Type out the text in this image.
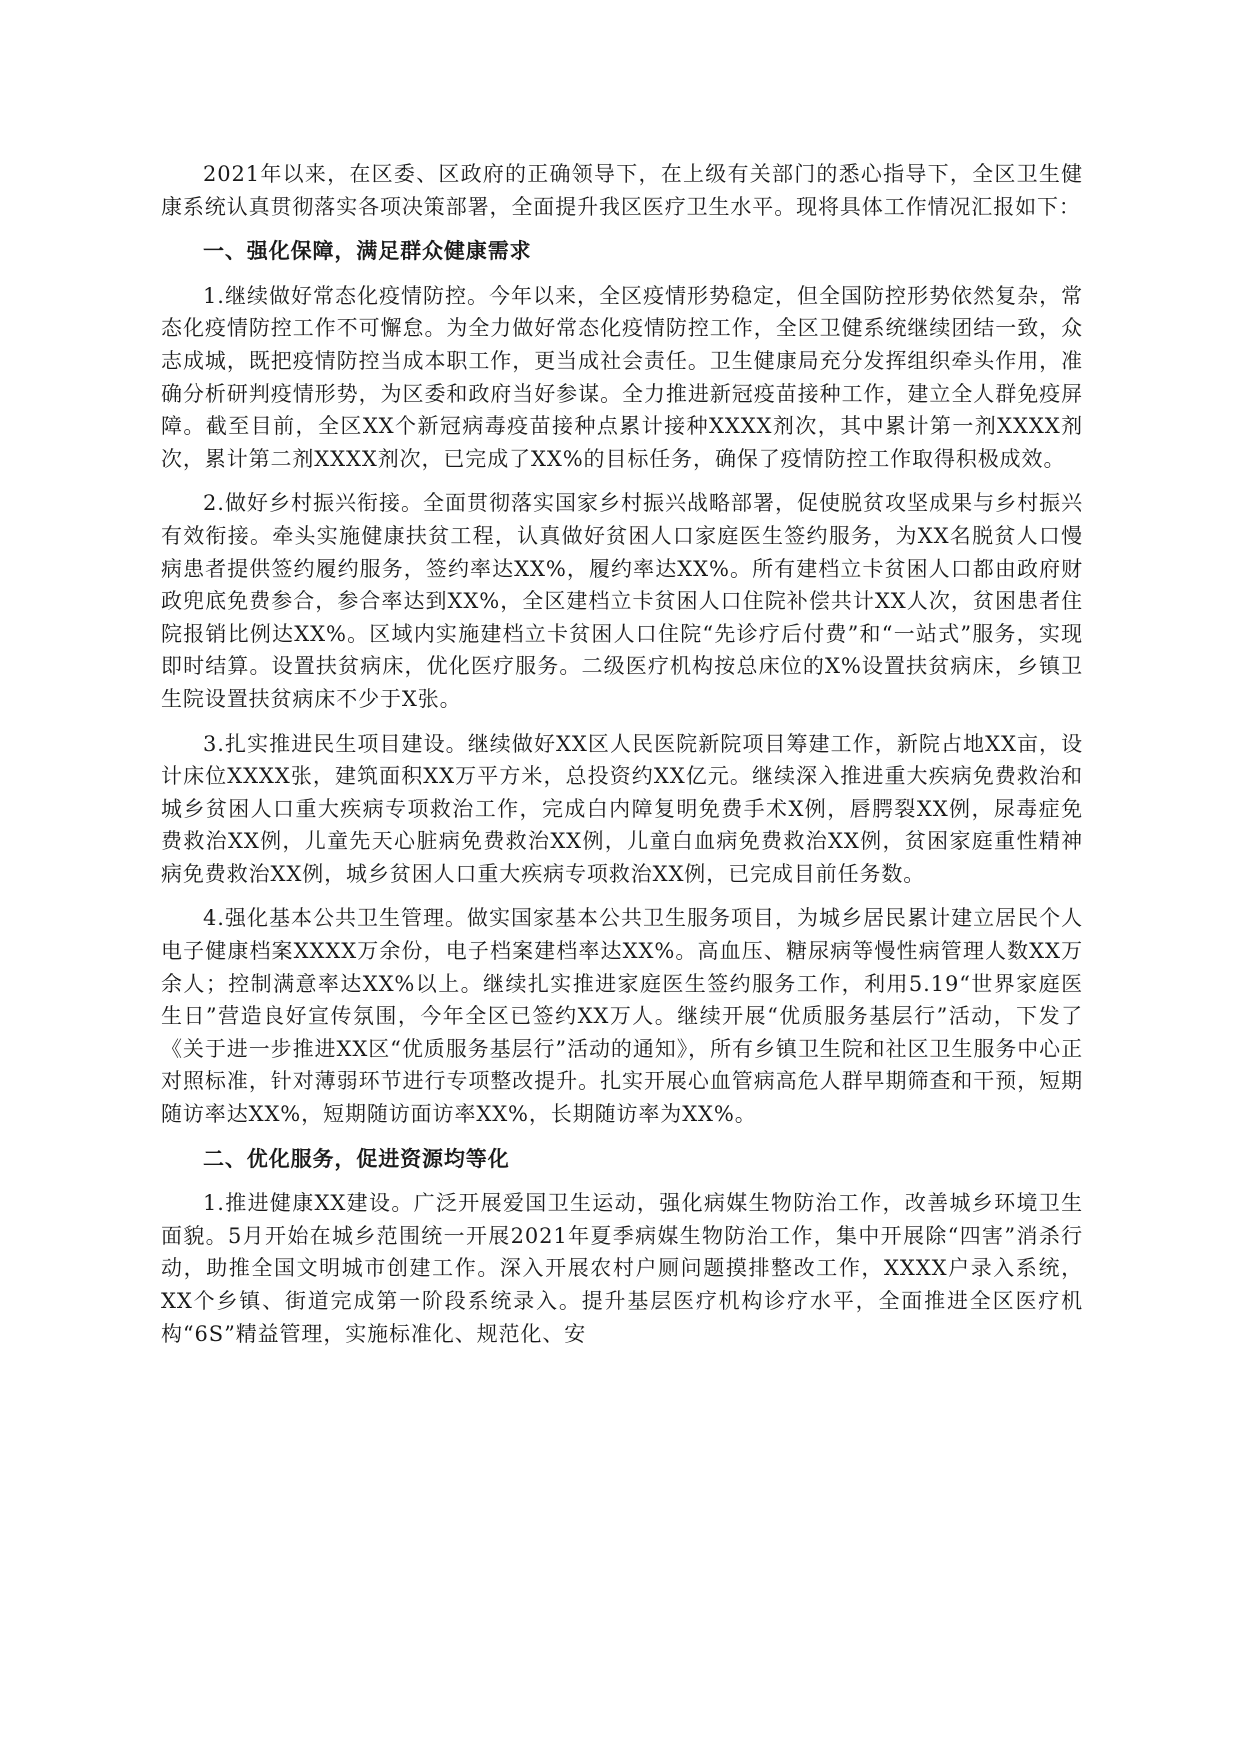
2021年以来，在区委、区政府的正确领导下，在上级有关部门的悉心指导下，全区卫生健康系统认真贯彻落实各项决策部署，全面提升我区医疗卫生水平。现将具体工作情况汇报如下：

一、强化保障，满足群众健康需求

1.继续做好常态化疫情防控。今年以来，全区疫情形势稳定，但全国防控形势依然复杂，常态化疫情防控工作不可懈怠。为全力做好常态化疫情防控工作，全区卫健系统继续团结一致，众志成城，既把疫情防控当成本职工作，更当成社会责任。卫生健康局充分发挥组织牵头作用，准确分析研判疫情形势，为区委和政府当好参谋。全力推进新冠疫苗接种工作，建立全人群免疫屏障。截至目前，全区XX个新冠病毒疫苗接种点累计接种XXXX剂次，其中累计第一剂XXXX剂次，累计第二剂XXXX剂次，已完成了XX%的目标任务，确保了疫情防控工作取得积极成效。

2.做好乡村振兴衔接。全面贯彻落实国家乡村振兴战略部署，促使脱贫攻坚成果与乡村振兴有效衔接。牵头实施健康扶贫工程，认真做好贫困人口家庭医生签约服务，为XX名脱贫人口慢病患者提供签约履约服务，签约率达XX%，履约率达XX%。所有建档立卡贫困人口都由政府财政兜底免费参合，参合率达到XX%，全区建档立卡贫困人口住院补偿共计XX人次，贫困患者住院报销比例达XX%。区域内实施建档立卡贫困人口住院“先诊疗后付费”和“一站式”服务，实现即时结算。设置扶贫病床，优化医疗服务。二级医疗机构按总床位的X%设置扶贫病床，乡镇卫生院设置扶贫病床不少于X张。

3.扎实推进民生项目建设。继续做好XX区人民医院新院项目筹建工作，新院占地XX亩，设计床位XXXX张，建筑面积XX万平方米，总投资约XX亿元。继续深入推进重大疾病免费救治和城乡贫困人口重大疾病专项救治工作，完成白内障复明免费手术X例，唇腭裂XX例，尿毒症免费救治XX例，儿童先天心脏病免费救治XX例，儿童白血病免费救治XX例，贫困家庭重性精神病免费救治XX例，城乡贫困人口重大疾病专项救治XX例，已完成目前任务数。

4.强化基本公共卫生管理。做实国家基本公共卫生服务项目，为城乡居民累计建立居民个人电子健康档案XXXX万余份，电子档案建档率达XX%。高血压、糖尿病等慢性病管理人数XX万余人；控制满意率达XX%以上。继续扎实推进家庭医生签约服务工作，利用5.19“世界家庭医生日”营造良好宣传氛围，今年全区已签约XX万人。继续开展“优质服务基层行”活动，下发了《关于进一步推进XX区“优质服务基层行”活动的通知》，所有乡镇卫生院和社区卫生服务中心正对照标准，针对薄弱环节进行专项整改提升。扎实开展心血管病高危人群早期筛查和干预，短期随访率达XX%，短期随访面访率XX%，长期随访率为XX%。

二、优化服务，促进资源均等化

1.推进健康XX建设。广泛开展爱国卫生运动，强化病媒生物防治工作，改善城乡环境卫生面貌。5月开始在城乡范围统一开展2021年夏季病媒生物防治工作，集中开展除“四害”消杀行动，助推全国文明城市创建工作。深入开展农村户厕问题摸排整改工作，XXXX户录入系统，XX个乡镇、街道完成第一阶段系统录入。提升基层医疗机构诊疗水平，全面推进全区医疗机构“6S”精益管理，实施标准化、规范化、安
